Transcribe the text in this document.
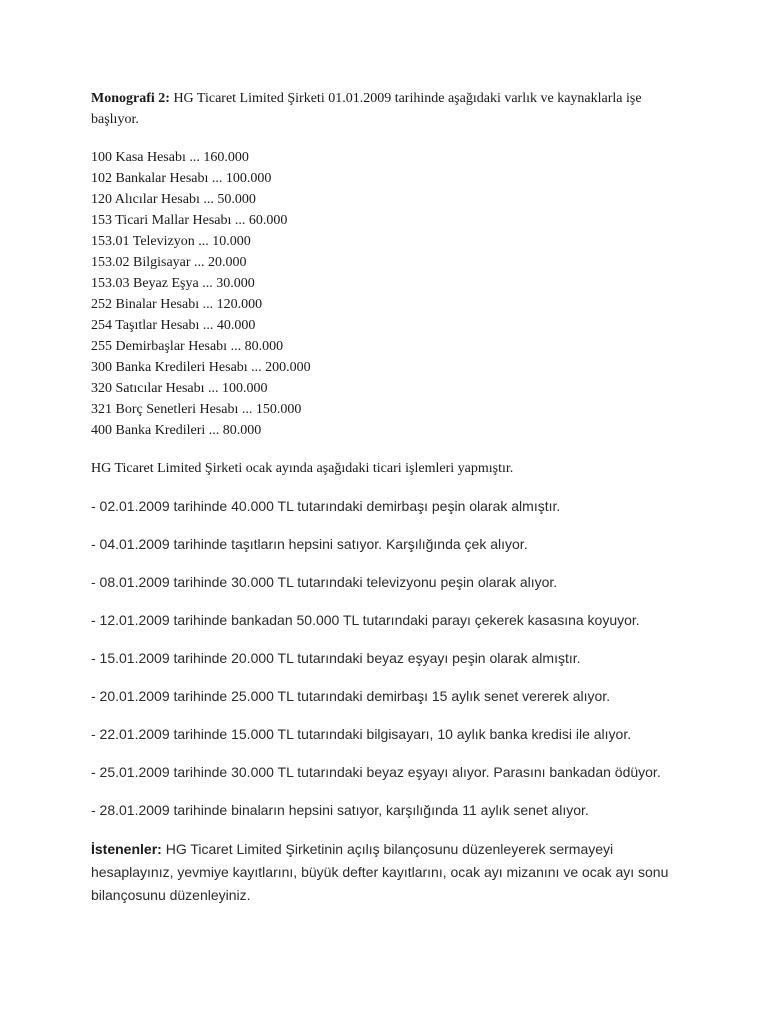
Monografi 2: HG Ticaret Limited Şirketi 01.01.2009 tarihinde aşağıdaki varlık ve kaynaklarla işe başlıyor.

100 Kasa Hesabı ... 160.000
102 Bankalar Hesabı ... 100.000
120 Alıcılar Hesabı ... 50.000
153 Ticari Mallar Hesabı ... 60.000
153.01 Televizyon ... 10.000
153.02 Bilgisayar ... 20.000
153.03 Beyaz Eşya ... 30.000
252 Binalar Hesabı ... 120.000
254 Taşıtlar Hesabı ... 40.000
255 Demirbaşlar Hesabı ... 80.000
300 Banka Kredileri Hesabı ... 200.000
320 Satıcılar Hesabı ... 100.000
321 Borç Senetleri Hesabı ... 150.000
400 Banka Kredileri ... 80.000

HG Ticaret Limited Şirketi ocak ayında aşağıdaki ticari işlemleri yapmıştır.

- 02.01.2009 tarihinde 40.000 TL tutarındaki demirbaşı peşin olarak almıştır.
- 04.01.2009 tarihinde taşıtların hepsini satıyor. Karşılığında çek alıyor.
- 08.01.2009 tarihinde 30.000 TL tutarındaki televizyonu peşin olarak alıyor.
- 12.01.2009 tarihinde bankadan 50.000 TL tutarındaki parayı çekerek kasasına koyuyor.
- 15.01.2009 tarihinde 20.000 TL tutarındaki beyaz eşyayı peşin olarak almıştır.
- 20.01.2009 tarihinde 25.000 TL tutarındaki demirbaşı 15 aylık senet vererek alıyor.
- 22.01.2009 tarihinde 15.000 TL tutarındaki bilgisayarı, 10 aylık banka kredisi ile alıyor.
- 25.01.2009 tarihinde 30.000 TL tutarındaki beyaz eşyayı alıyor. Parasını bankadan ödüyor.
- 28.01.2009 tarihinde binaların hepsini satıyor, karşılığında 11 aylık senet alıyor.

İstenenler: HG Ticaret Limited Şirketinin açılış bilançosunu düzenleyerek sermayeyi hesaplayınız, yevmiye kayıtlarını, büyük defter kayıtlarını, ocak ayı mizanını ve ocak ayı sonu bilançosunu düzenleyiniz.
